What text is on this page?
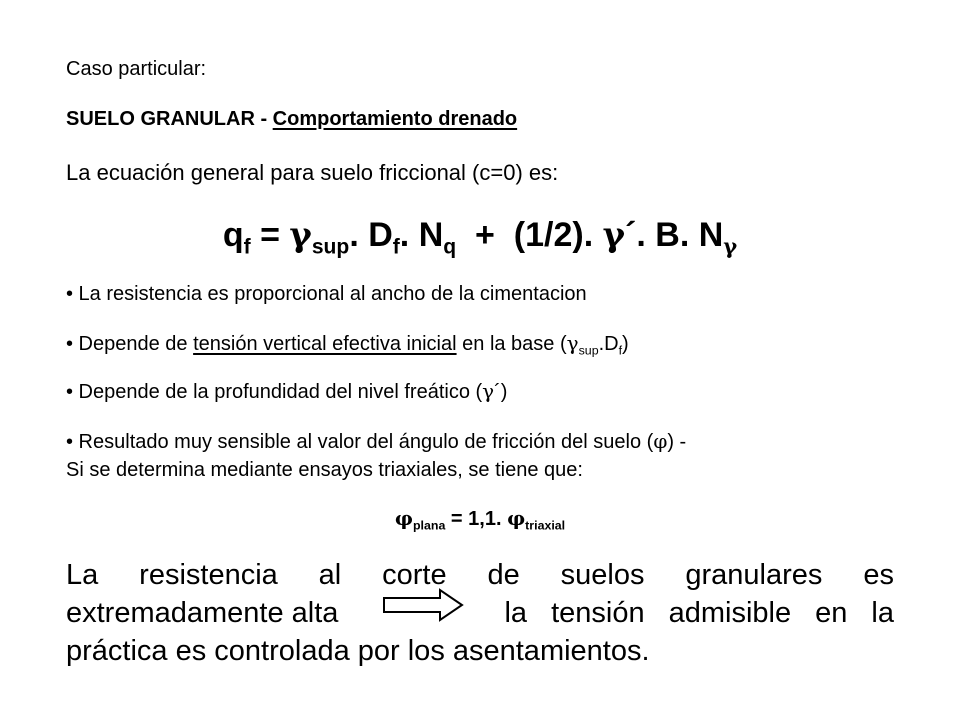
Caso particular:
SUELO GRANULAR - Comportamiento drenado
La ecuación general para suelo friccional (c=0) es:
$q_f = \gamma_{sup}$. $D_f$. $N_q + (1/2)$. γ´. B. $N_\gamma$
• La resistencia es proporcional al ancho de la cimentacion
• Depende de tensión vertical efectiva inicial en la base $(\gamma_{sup}.D_f)$
• Depende de la profundidad del nivel freático (γ´)
• Resultado muy sensible al valor del ángulo de fricción del suelo (φ) -
Si se determina mediante ensayos triaxiales, se tiene que:
$\varphi_{plana} = 1,1$. $\varphi_{triaxial}$
La resistencia al corte de suelos granulares es
extremadamente alta	la tensión admisible en la
práctica es controlada por los asentamientos.
